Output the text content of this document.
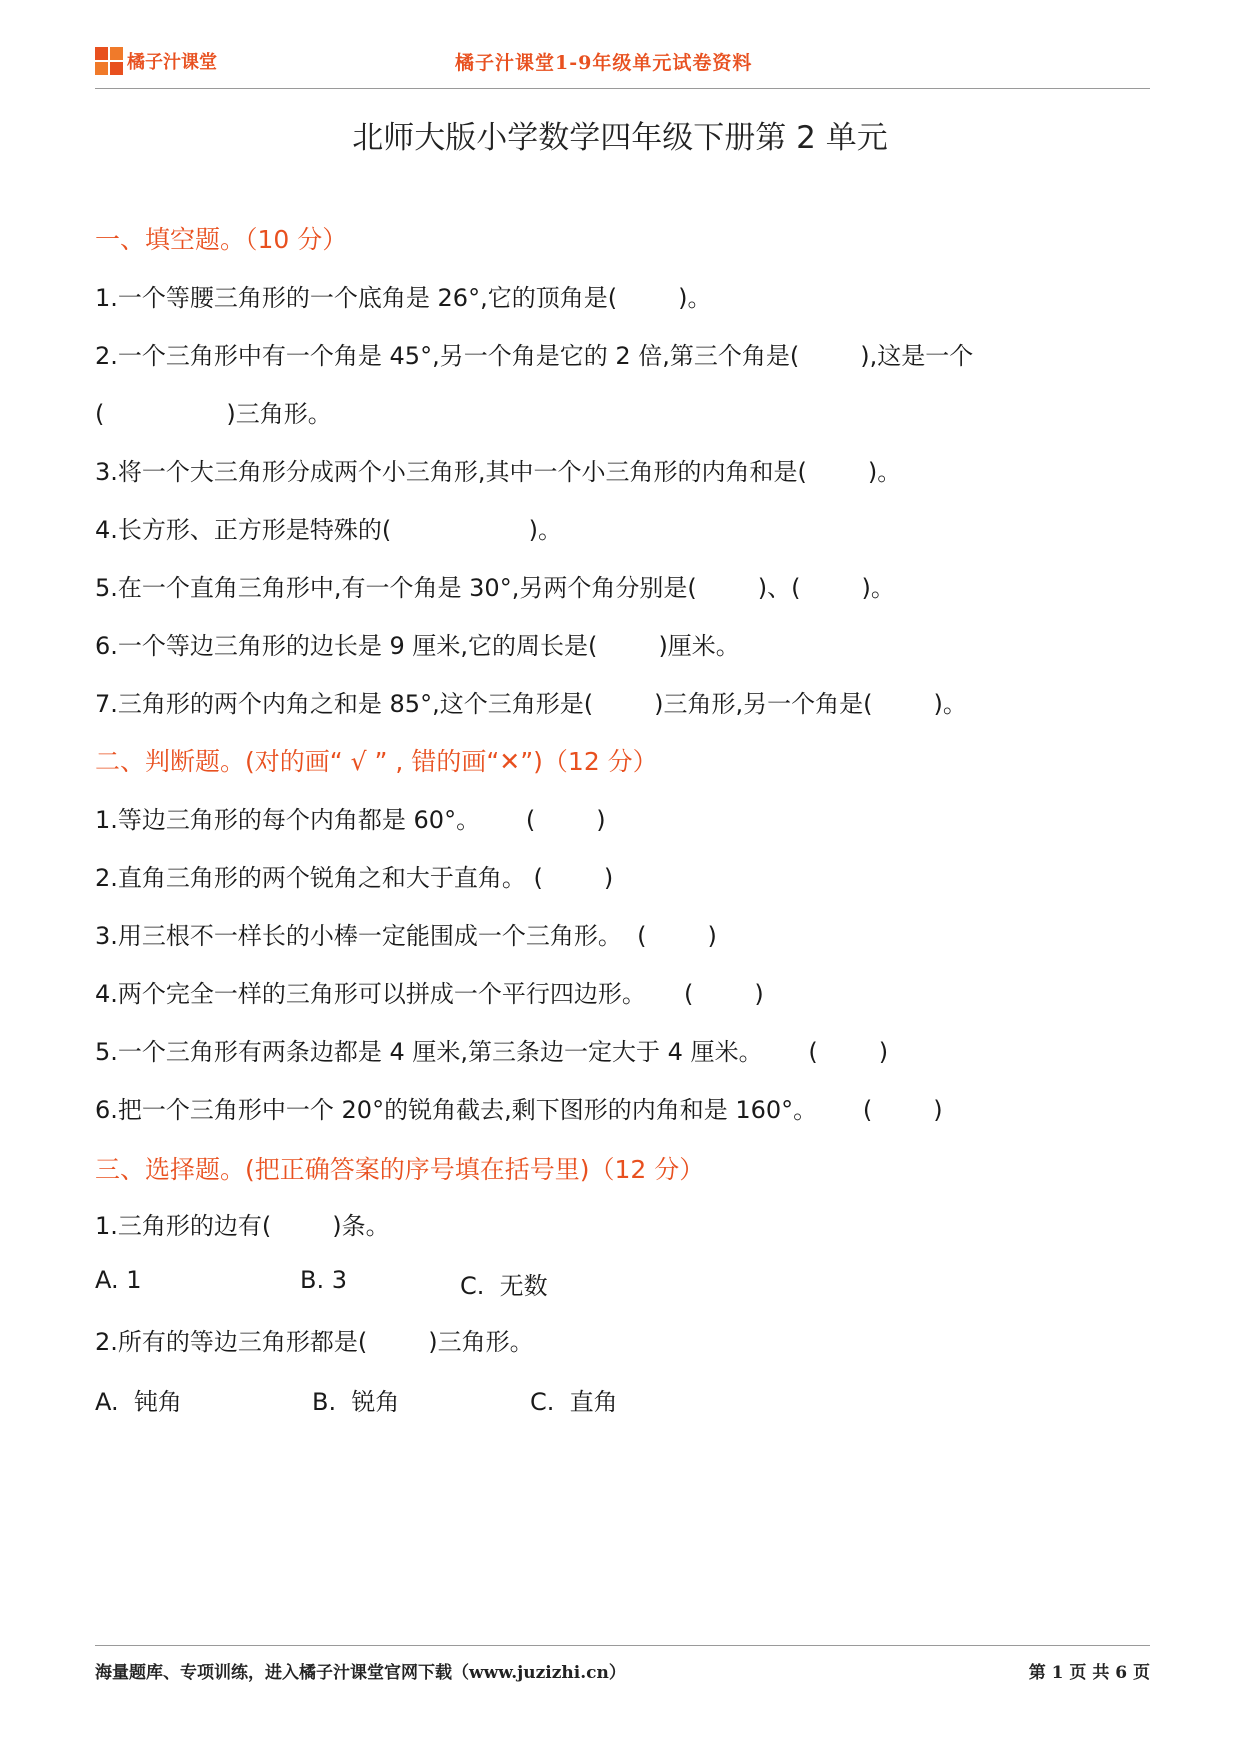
橘子汁课堂	橘子汁课堂1-9年级单元试卷资料
北师大版小学数学四年级下册第 2 单元
一、填空题。（10 分）
1.一个等腰三角形的一个底角是 26°,它的顶角是(        )。
2.一个三角形中有一个角是 45°,另一个角是它的 2 倍,第三个角是(        ),这是一个
(                )三角形。
3.将一个大三角形分成两个小三角形,其中一个小三角形的内角和是(        )。
4.长方形、正方形是特殊的(                  )。
5.在一个直角三角形中,有一个角是 30°,另两个角分别是(        )、(        )。
6.一个等边三角形的边长是 9 厘米,它的周长是(        )厘米。
7.三角形的两个内角之和是 85°,这个三角形是(        )三角形,另一个角是(        )。
二、判断题。(对的画“ √ ” , 错的画“✕”)（12 分）
1.等边三角形的每个内角都是 60°。      (        )
2.直角三角形的两个锐角之和大于直角。 (        )
3.用三根不一样长的小棒一定能围成一个三角形。  (        )
4.两个完全一样的三角形可以拼成一个平行四边形。     (        )
5.一个三角形有两条边都是 4 厘米,第三条边一定大于 4 厘米。      (        )
6.把一个三角形中一个 20°的锐角截去,剩下图形的内角和是 160°。      (        )
三、选择题。(把正确答案的序号填在括号里)（12 分）
1.三角形的边有(        )条。
A. 1	B. 3	C.  无数
2.所有的等边三角形都是(        )三角形。
A.  钝角	B.  锐角	C.  直角
海量题库、专项训练，进入橘子汁课堂官网下载（www.juzizhi.cn）	第 1 页 共 6 页
